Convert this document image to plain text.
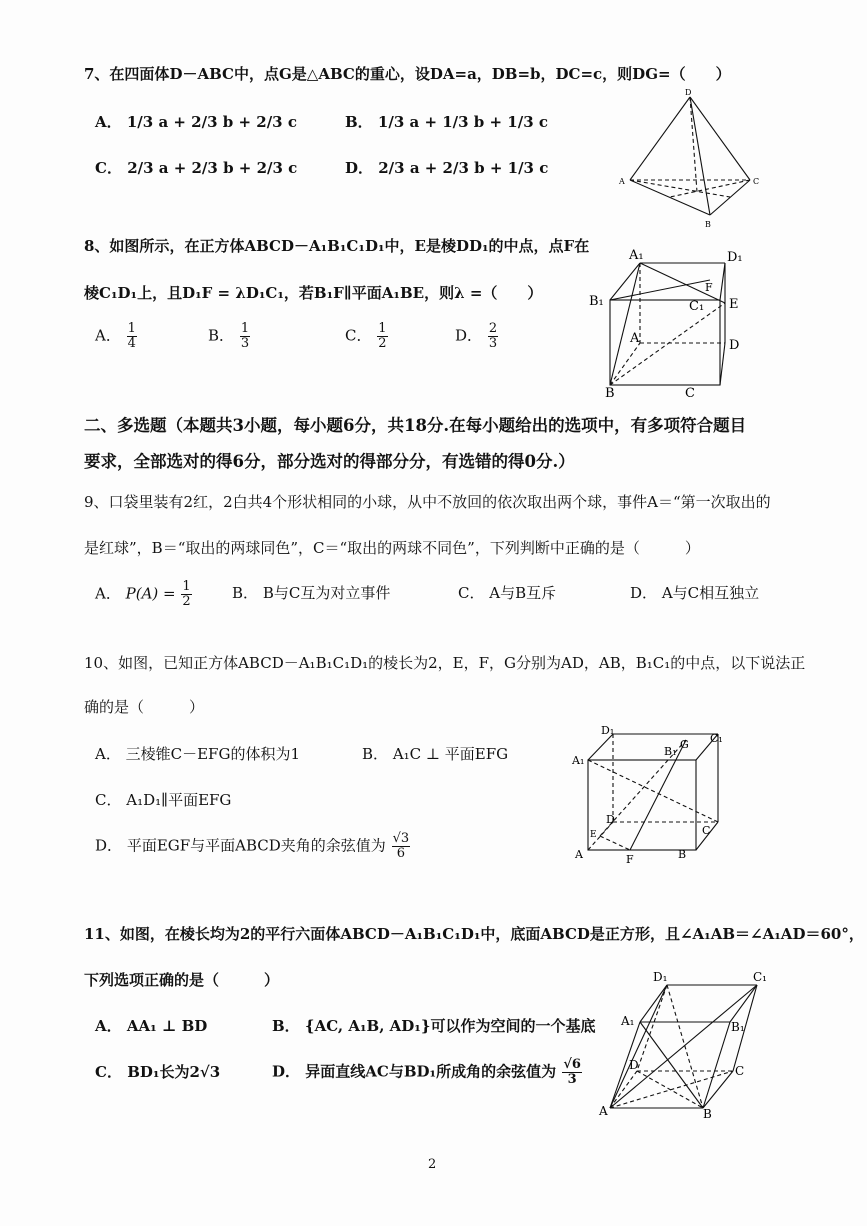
7、在四面体D－ABC中，点G是△ABC的重心，设DA=a，DB=b，DC=c，则DG=（　　）
A． 1/3 a + 2/3 b + 2/3 c	B． 1/3 a + 1/3 b + 1/3 c
C． 2/3 a + 2/3 b + 2/3 c	D． 2/3 a + 2/3 b + 1/3 c
D
A	C
B
8、如图所示，在正方体ABCD－A₁B₁C₁D₁中，E是棱DD₁的中点，点F在
棱C₁D₁上，且D₁F = λD₁C₁，若B₁F∥平面A₁BE，则λ =（　　）
A． $\frac{1}{4}$	B． $\frac{1}{3}$	C． $\frac{1}{2}$	D． $\frac{2}{3}$
A₁	D₁
B₁	C₁
F
E
A	D
B	C
二、多选题（本题共3小题，每小题6分，共18分.在每小题给出的选项中，有多项符合题目
要求，全部选对的得6分，部分选对的得部分分，有选错的得0分.）
9、口袋里装有2红，2白共4个形状相同的小球，从中不放回的依次取出两个球，事件A＝“第一次取出的
是红球”，B＝“取出的两球同色”，C＝“取出的两球不同色”，下列判断中正确的是（　　　）
A． $P(A) = \frac{1}{2}$	B． B与C互为对立事件	C． A与B互斥	D． A与C相互独立
10、如图，已知正方体ABCD－A₁B₁C₁D₁的棱长为2，E，F，G分别为AD，AB，B₁C₁的中点，以下说法正
确的是（　　　）
A． 三棱锥C－EFG的体积为1	B． A₁C ⊥ 平面EFG
C． A₁D₁∥平面EFG
D． 平面EGF与平面ABCD夹角的余弦值为 $\frac{√3}{6}$
D₁
B₁
G C₁
A₁
D
E
A	F	B
C
11、如图，在棱长均为2的平行六面体ABCD－A₁B₁C₁D₁中，底面ABCD是正方形，且∠A₁AB＝∠A₁AD＝60°，
下列选项正确的是（　　　）
A． AA₁ ⊥ BD	B． {AC, A₁B, AD₁}可以作为空间的一个基底
C． BD₁长为2√3	D． 异面直线AC与BD₁所成角的余弦值为 $\frac{√6}{3}$
D₁	C₁
A₁	B₁
D	C
A	B
2
